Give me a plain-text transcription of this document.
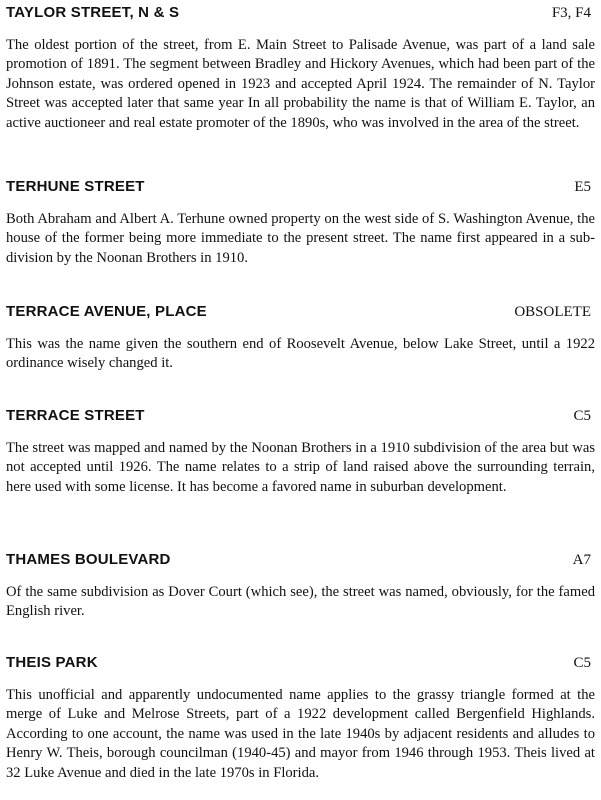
TAYLOR STREET, N & S	F3, F4
The oldest portion of the street, from E. Main Street to Palisade Avenue, was part of a land sale promotion of 1891. The segment between Bradley and Hickory Avenues, which had been part of the Johnson estate, was ordered opened in 1923 and accepted April 1924. The remainder of N. Taylor Street was accepted later that same year In all probability the name is that of William E. Taylor, an active auctioneer and real estate promoter of the 1890s, who was involved in the area of the street.
TERHUNE STREET	E5
Both Abraham and Albert A. Terhune owned property on the west side of S. Washington Avenue, the house of the former being more immediate to the present street. The name first appeared in a sub-division by the Noonan Brothers in 1910.
TERRACE AVENUE, PLACE	OBSOLETE
This was the name given the southern end of Roosevelt Avenue, below Lake Street, until a 1922 ordinance wisely changed it.
TERRACE STREET	C5
The street was mapped and named by the Noonan Brothers in a 1910 subdivision of the area but was not accepted until 1926. The name relates to a strip of land raised above the surrounding terrain, here used with some license. It has become a favored name in suburban development.
THAMES BOULEVARD	A7
Of the same subdivision as Dover Court (which see), the street was named, obviously, for the famed English river.
THEIS PARK	C5
This unofficial and apparently undocumented name applies to the grassy triangle formed at the merge of Luke and Melrose Streets, part of a 1922 development called Bergenfield Highlands. According to one account, the name was used in the late 1940s by adjacent residents and alludes to Henry W. Theis, borough councilman (1940-45) and mayor from 1946 through 1953. Theis lived at 32 Luke Avenue and died in the late 1970s in Florida.
